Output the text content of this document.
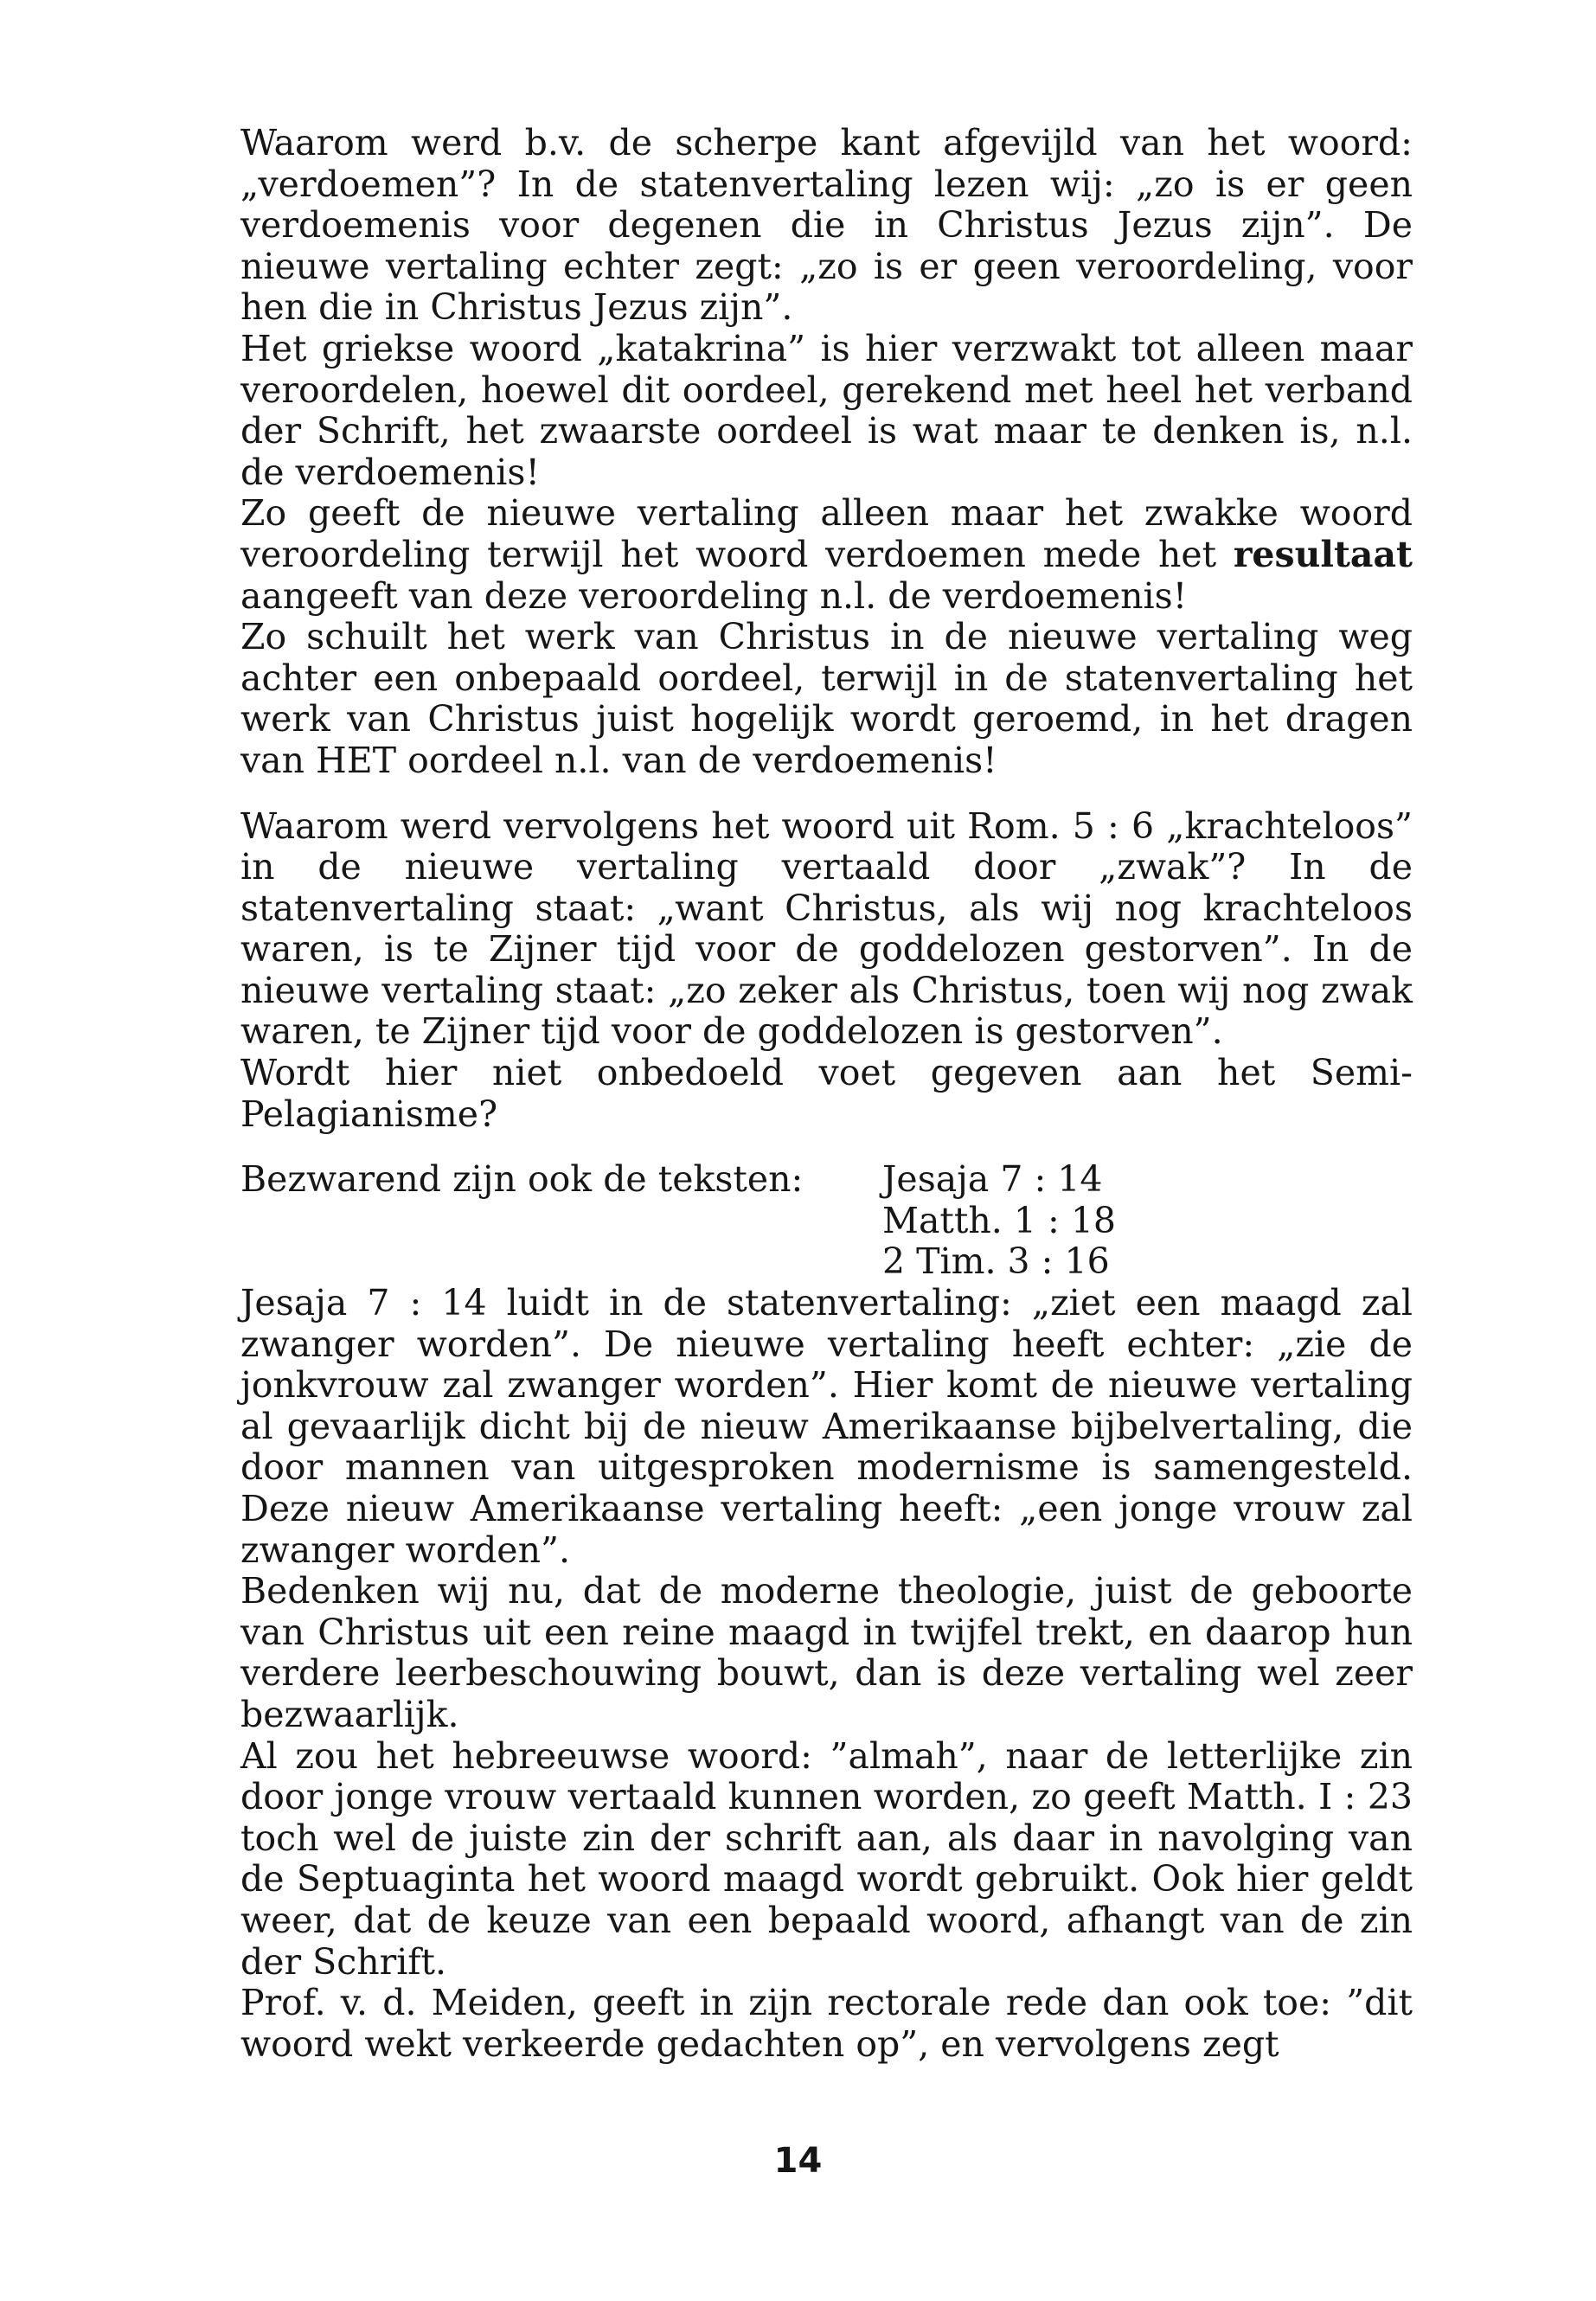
Waarom werd b.v. de scherpe kant afgevijld van het woord: „verdoemen”? In de statenvertaling lezen wij: „zo is er geen verdoemenis voor degenen die in Christus Jezus zijn”. De nieuwe vertaling echter zegt: „zo is er geen veroordeling, voor hen die in Christus Jezus zijn”.

Het griekse woord „katakrina” is hier verzwakt tot alleen maar veroordelen, hoewel dit oordeel, gerekend met heel het verband der Schrift, het zwaarste oordeel is wat maar te denken is, n.l. de verdoemenis!

Zo geeft de nieuwe vertaling alleen maar het zwakke woord veroordeling terwijl het woord verdoemen mede het resultaat aangeeft van deze veroordeling n.l. de verdoemenis!

Zo schuilt het werk van Christus in de nieuwe vertaling weg achter een onbepaald oordeel, terwijl in de statenvertaling het werk van Christus juist hogelijk wordt geroemd, in het dragen van HET oordeel n.l. van de verdoemenis!

Waarom werd vervolgens het woord uit Rom. 5 : 6 „krachteloos” in de nieuwe vertaling vertaald door „zwak”? In de statenvertaling staat: „want Christus, als wij nog krachteloos waren, is te Zijner tijd voor de goddelozen gestorven”. In de nieuwe vertaling staat: „zo zeker als Christus, toen wij nog zwak waren, te Zijner tijd voor de goddelozen is gestorven”.

Wordt hier niet onbedoeld voet gegeven aan het Semi-Pelagianisme?

Bezwarend zijn ook de teksten:	Jesaja 7 : 14
Matth. 1 : 18
2 Tim. 3 : 16

Jesaja 7 : 14 luidt in de statenvertaling: „ziet een maagd zal zwanger worden”. De nieuwe vertaling heeft echter: „zie de jonkvrouw zal zwanger worden”. Hier komt de nieuwe vertaling al gevaarlijk dicht bij de nieuw Amerikaanse bijbelvertaling, die door mannen van uitgesproken modernisme is samengesteld. Deze nieuw Amerikaanse vertaling heeft: „een jonge vrouw zal zwanger worden”.

Bedenken wij nu, dat de moderne theologie, juist de geboorte van Christus uit een reine maagd in twijfel trekt, en daarop hun verdere leerbeschouwing bouwt, dan is deze vertaling wel zeer bezwaarlijk.

Al zou het hebreeuwse woord: ”almah”, naar de letterlijke zin door jonge vrouw vertaald kunnen worden, zo geeft Matth. I : 23 toch wel de juiste zin der schrift aan, als daar in navolging van de Septuaginta het woord maagd wordt gebruikt. Ook hier geldt weer, dat de keuze van een bepaald woord, afhangt van de zin der Schrift.

Prof. v. d. Meiden, geeft in zijn rectorale rede dan ook toe: ”dit woord wekt verkeerde gedachten op”, en vervolgens zegt

14
